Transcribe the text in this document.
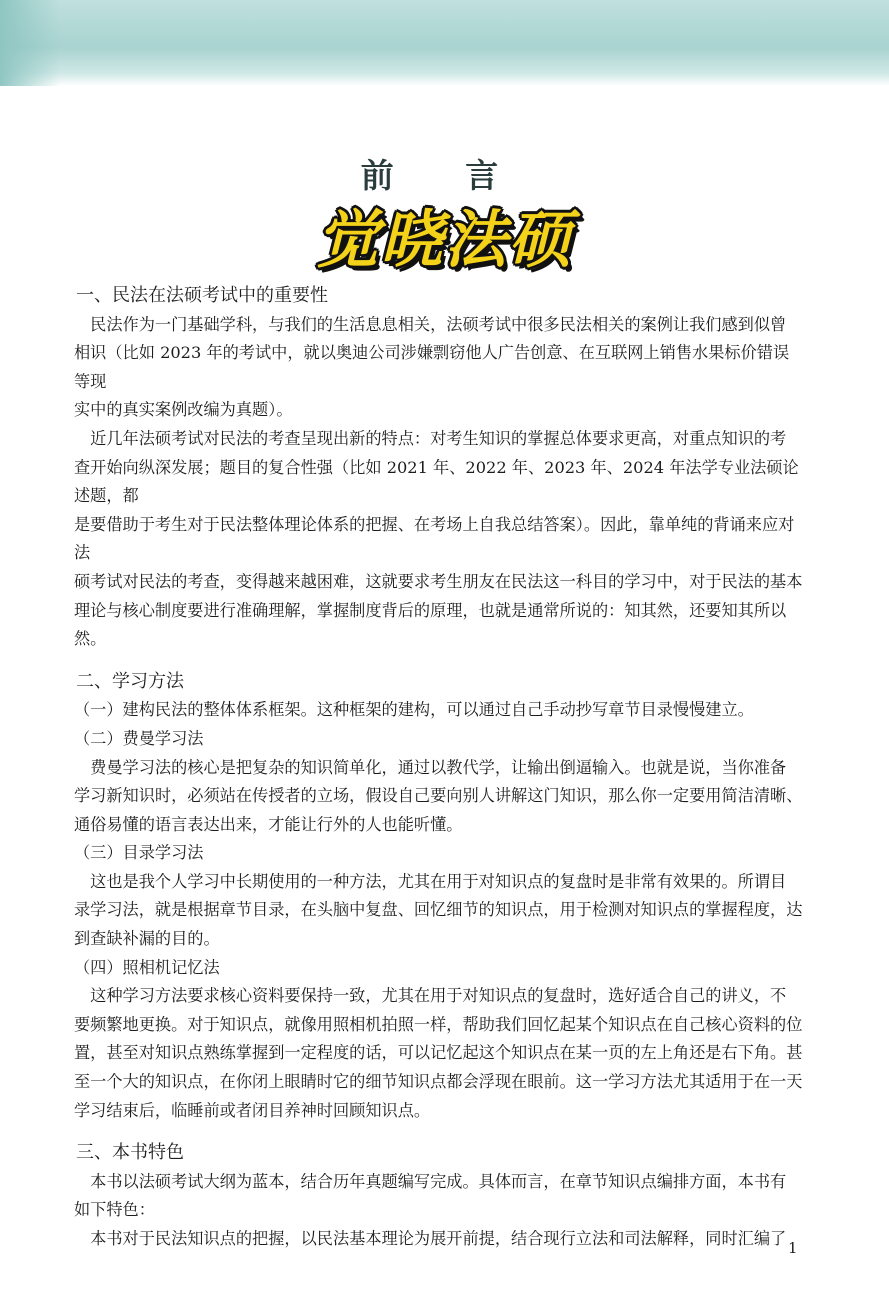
前 言
觉晓法硕

一、民法在法硕考试中的重要性

　民法作为一门基础学科，与我们的生活息息相关，法硕考试中很多民法相关的案例让我们感到似曾

相识（比如 2023 年的考试中，就以奥迪公司涉嫌剽窃他人广告创意、在互联网上销售水果标价错误等现

实中的真实案例改编为真题）。

　近几年法硕考试对民法的考查呈现出新的特点：对考生知识的掌握总体要求更高，对重点知识的考

查开始向纵深发展；题目的复合性强（比如 2021 年、2022 年、2023 年、2024 年法学专业法硕论述题，都

是要借助于考生对于民法整体理论体系的把握、在考场上自我总结答案）。因此，靠单纯的背诵来应对法

硕考试对民法的考查，变得越来越困难，这就要求考生朋友在民法这一科目的学习中，对于民法的基本

理论与核心制度要进行准确理解，掌握制度背后的原理，也就是通常所说的：知其然，还要知其所以然。

二、学习方法

（一）建构民法的整体体系框架。这种框架的建构，可以通过自己手动抄写章节目录慢慢建立。

（二）费曼学习法

　费曼学习法的核心是把复杂的知识简单化，通过以教代学，让输出倒逼输入。也就是说，当你准备

学习新知识时，必须站在传授者的立场，假设自己要向别人讲解这门知识，那么你一定要用简洁清晰、

通俗易懂的语言表达出来，才能让行外的人也能听懂。

（三）目录学习法

　这也是我个人学习中长期使用的一种方法，尤其在用于对知识点的复盘时是非常有效果的。所谓目

录学习法，就是根据章节目录，在头脑中复盘、回忆细节的知识点，用于检测对知识点的掌握程度，达

到查缺补漏的目的。

（四）照相机记忆法

　这种学习方法要求核心资料要保持一致，尤其在用于对知识点的复盘时，选好适合自己的讲义，不

要频繁地更换。对于知识点，就像用照相机拍照一样，帮助我们回忆起某个知识点在自己核心资料的位

置，甚至对知识点熟练掌握到一定程度的话，可以记忆起这个知识点在某一页的左上角还是右下角。甚

至一个大的知识点，在你闭上眼睛时它的细节知识点都会浮现在眼前。这一学习方法尤其适用于在一天

学习结束后，临睡前或者闭目养神时回顾知识点。

三、本书特色

　本书以法硕考试大纲为蓝本，结合历年真题编写完成。具体而言，在章节知识点编排方面，本书有

如下特色：

　本书对于民法知识点的把握，以民法基本理论为展开前提，结合现行立法和司法解释，同时汇编了 1
